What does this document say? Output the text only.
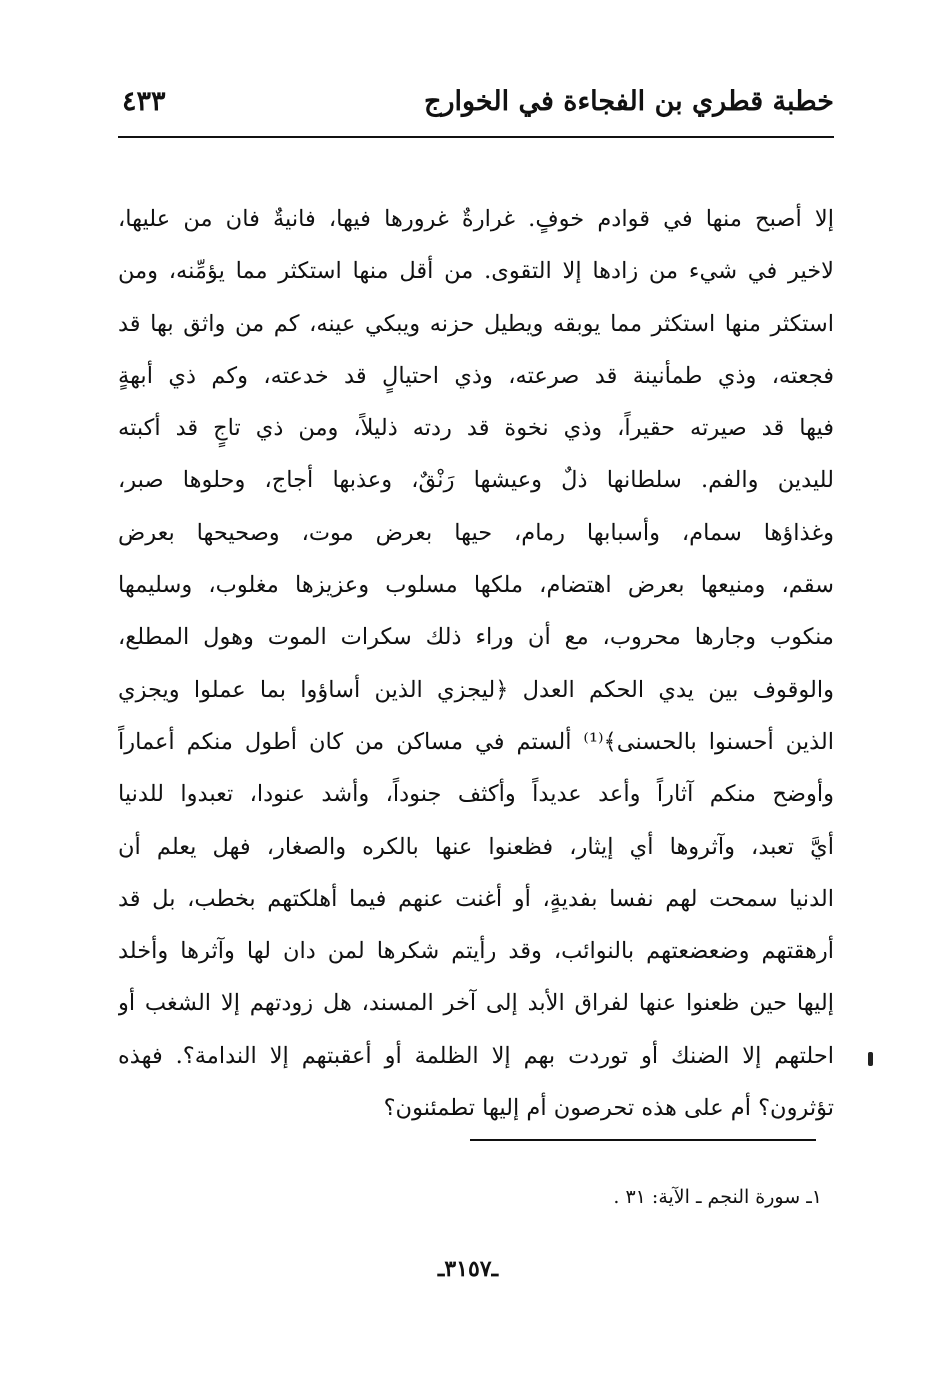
خطبة قطري بن الفجاءة في الخوارج
٤٣٣
إلا أصبح منها في قوادم خوفٍ. غرارةٌ غرورها فيها، فانيةٌ فان من عليها،
لاخير في شيء من زادها إلا التقوى. من أقل منها استكثر مما يؤمِّنه، ومن
استكثر منها استكثر مما يوبقه ويطيل حزنه ويبكي عينه، كم من واثق بها قد
فجعته، وذي طمأنينة قد صرعته، وذي احتيالٍ قد خدعته، وكم ذي أبهةٍ
فيها قد صيرته حقيراً، وذي نخوة قد ردته ذليلاً، ومن ذي تاجٍ قد أكبته
لليدين والفم. سلطانها ذلٌ وعيشها رَنْقٌ، وعذبها أجاج، وحلوها صبر،
وغذاؤها سمام، وأسبابها رمام، حيها بعرض موت، وصحيحها بعرض
سقم، ومنيعها بعرض اهتضام، ملكها مسلوب وعزيزها مغلوب، وسليمها
منكوب وجارها محروب، مع أن وراء ذلك سكرات الموت وهول المطلع،
والوقوف بين يدي الحكم العدل ﴿ليجزي الذين أساؤوا بما عملوا ويجزي
الذين أحسنوا بالحسنى﴾⁽¹⁾ ألستم في مساكن من كان أطول منكم أعماراً
وأوضح منكم آثاراً وأعد عديداً وأكثف جنوداً، وأشد عنودا، تعبدوا للدنيا
أيَّ تعبد، وآثروها أي إيثار، فظعنوا عنها بالكره والصغار، فهل يعلم أن
الدنيا سمحت لهم نفسا بفديةٍ، أو أغنت عنهم فيما أهلكتهم بخطب، بل قد
أرهقتهم وضعضعتهم بالنوائب، وقد رأيتم شكرها لمن دان لها وآثرها وأخلد
إليها حين ظعنوا عنها لفراق الأبد إلى آخر المسند، هل زودتهم إلا الشغب أو
احلتهم إلا الضنك أو توردت بهم إلا الظلمة أو أعقبتهم إلا الندامة؟. فهذه
تؤثرون؟ أم على هذه تحرصون أم إليها تطمئنون؟
١ـ سورة النجم ـ الآية: ٣١ .
ـ٣١٥٧ـ
